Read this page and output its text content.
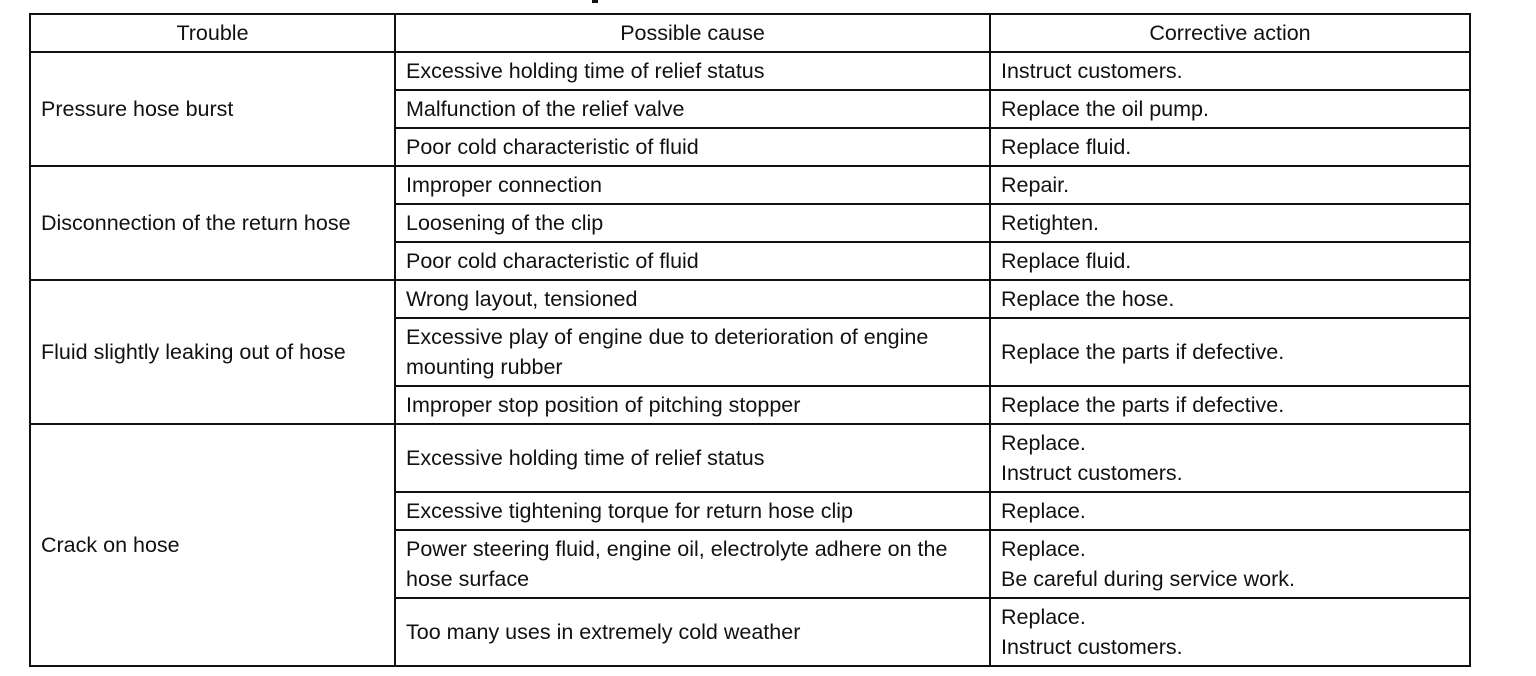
Trouble	Possible cause	Corrective action
Pressure hose burst	Excessive holding time of relief status	Instruct customers.

	Malfunction of the relief valve	Replace the oil pump.

	Poor cold characteristic of fluid	Replace fluid.

Disconnection of the return hose	Improper connection	Repair.

	Loosening of the clip	Retighten.

	Poor cold characteristic of fluid	Replace fluid.

Fluid slightly leaking out of hose	Wrong layout, tensioned	Replace the hose.

	Excessive play of engine due to deterioration of engine mounting rubber	Replace the parts if defective.

	Improper stop position of pitching stopper	Replace the parts if defective.

Crack on hose	Excessive holding time of relief status	Replace.
Instruct customers.

	Excessive tightening torque for return hose clip	Replace.

	Power steering fluid, engine oil, electrolyte adhere on the hose surface	Replace.
Be careful during service work.

	Too many uses in extremely cold weather	Replace.
Instruct customers.
